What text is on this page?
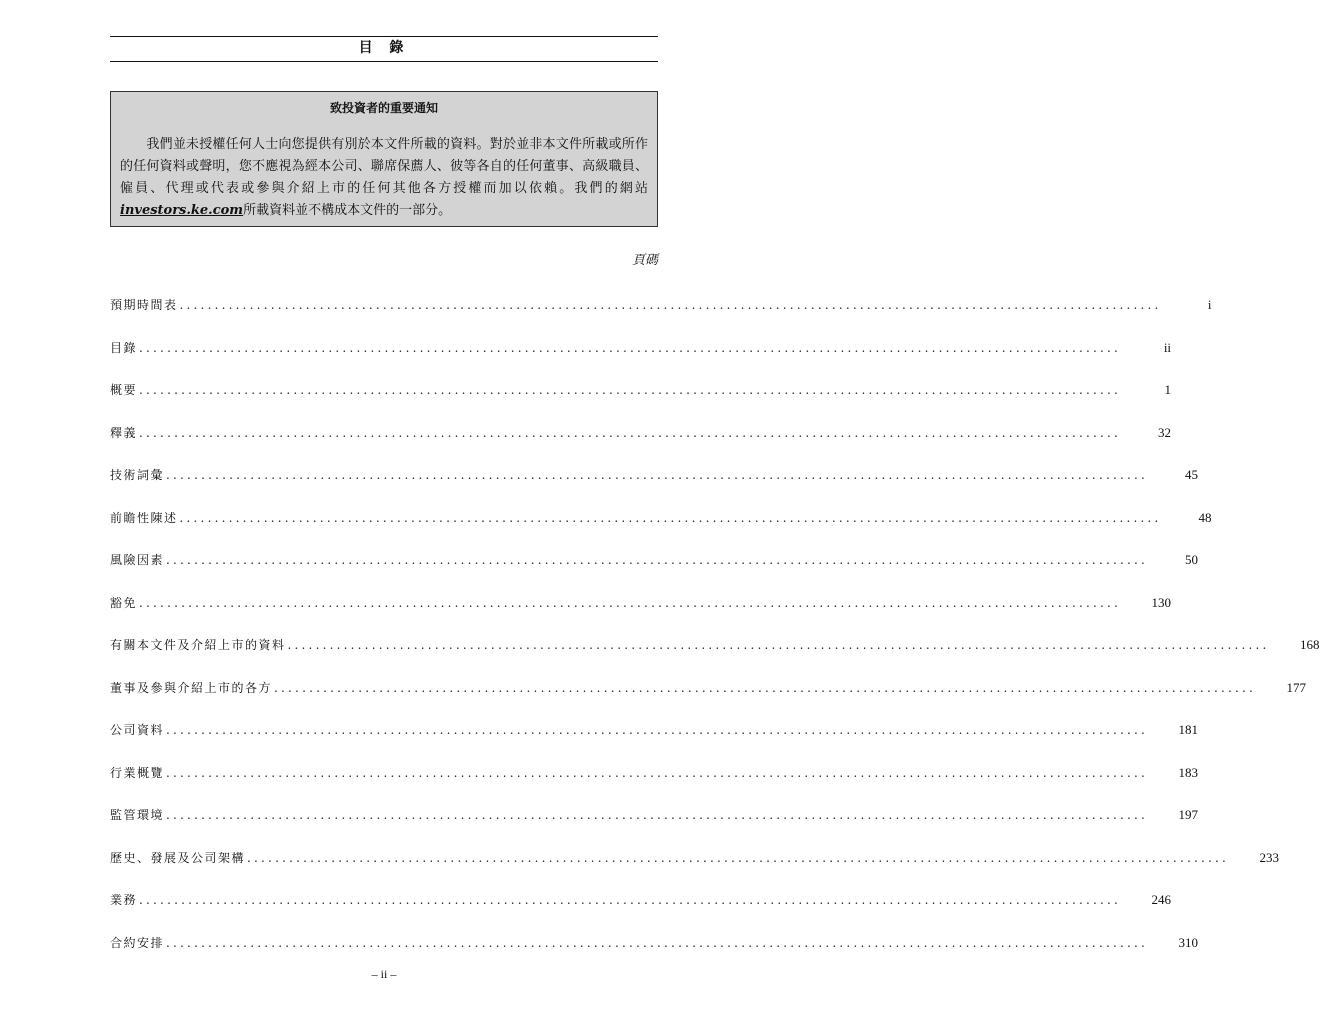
目 錄
致投資者的重要通知

　　我們並未授權任何人士向您提供有別於本文件所載的資料。對於並非本文件所載或所作的任何資料或聲明，您不應視為經本公司、聯席保薦人、彼等各自的任何董事、高級職員、僱員、代理或代表或參與介紹上市的任何其他各方授權而加以依賴。我們的網站investors.ke.com所載資料並不構成本文件的一部分。

頁碼
預期時間表 ............................................................................................................................................	i
目錄 ............................................................................................................................................	ii
概要 ............................................................................................................................................	1
釋義 ............................................................................................................................................	32
技術詞彙 ............................................................................................................................................	45
前瞻性陳述 ............................................................................................................................................	48
風險因素 ............................................................................................................................................	50
豁免 ............................................................................................................................................	130
有關本文件及介紹上市的資料 ............................................................................................................................................	168
董事及參與介紹上市的各方 ............................................................................................................................................	177
公司資料 ............................................................................................................................................	181
行業概覽 ............................................................................................................................................	183
監管環境 ............................................................................................................................................	197
歷史、發展及公司架構 ............................................................................................................................................	233
業務 ............................................................................................................................................	246
合約安排 ............................................................................................................................................	310
– ii –
